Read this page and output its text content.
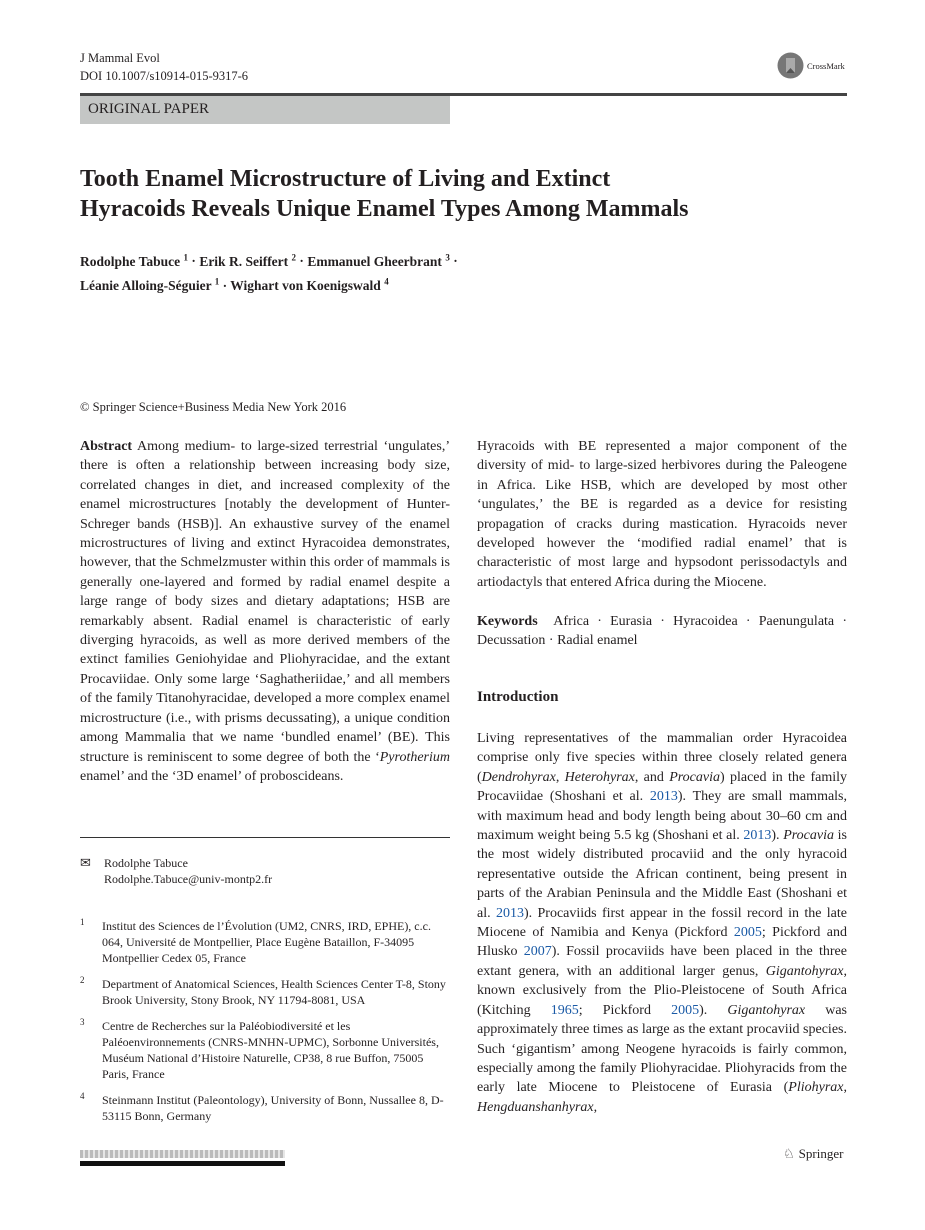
J Mammal Evol
DOI 10.1007/s10914-015-9317-6
CrossMark
ORIGINAL PAPER
Tooth Enamel Microstructure of Living and Extinct
Hyracoids Reveals Unique Enamel Types Among Mammals
Rodolphe Tabuce $^1$ · Erik R. Seiffert $^2$ · Emmanuel Gheerbrant $^3$ ·
Léanie Alloing-Séguier $^1$ · Wighart von Koenigswald $^4$
© Springer Science+Business Media New York 2016

Abstract Among medium- to large-sized terrestrial ‘ungulates,’ there is often a relationship between increasing body size, correlated changes in diet, and increased complexity of the enamel microstructures [notably the development of Hunter-Schreger bands (HSB)]. An exhaustive survey of the enamel microstructures of living and extinct Hyracoidea demonstrates, however, that the Schmelzmuster within this order of mammals is generally one-layered and formed by radial enamel despite a large range of body sizes and dietary adaptations; HSB are remarkably absent. Radial enamel is characteristic of early diverging hyracoids, as well as more derived members of the extinct families Geniohyidae and Pliohyracidae, and the extant Procaviidae. Only some large ‘Saghatheriidae,’ and all members of the family Titanohyracidae, developed a more complex enamel microstructure (i.e., with prisms decussating), a unique condition among Mammalia that we name ‘bundled enamel’ (BE). This structure is reminiscent to some degree of both the ‘Pyrotherium enamel’ and the ‘3D enamel’ of proboscideans.

✉ Rodolphe Tabuce
Rodolphe.Tabuce@univ-montp2.fr
1 Institut des Sciences de l’Évolution (UM2, CNRS, IRD, EPHE), c.c. 064, Université de Montpellier, Place Eugène Bataillon, F-34095 Montpellier Cedex 05, France
2 Department of Anatomical Sciences, Health Sciences Center T-8, Stony Brook University, Stony Brook, NY 11794-8081, USA
3 Centre de Recherches sur la Paléobiodiversité et les Paléoenvironnements (CNRS-MNHN-UPMC), Sorbonne Universités, Muséum National d’Histoire Naturelle, CP38, 8 rue Buffon, 75005 Paris, France
4 Steinmann Institut (Paleontology), University of Bonn, Nussallee 8, D-53115 Bonn, Germany
Hyracoids with BE represented a major component of the diversity of mid- to large-sized herbivores during the Paleogene in Africa. Like HSB, which are developed by most other ‘ungulates,’ the BE is regarded as a device for resisting propagation of cracks during mastication. Hyracoids never developed however the ‘modified radial enamel’ that is characteristic of most large and hypsodont perissodactyls and artiodactyls that entered Africa during the Miocene.
Keywords Africa · Eurasia · Hyracoidea · Paenungulata · Decussation · Radial enamel
Introduction

Living representatives of the mammalian order Hyracoidea comprise only five species within three closely related genera (Dendrohyrax, Heterohyrax, and Procavia) placed in the family Procaviidae (Shoshani et al. 2013). They are small mammals, with maximum head and body length being about 30–60 cm and maximum weight being 5.5 kg (Shoshani et al. 2013). Procavia is the most widely distributed procaviid and the only hyracoid representative outside the African continent, being present in parts of the Arabian Peninsula and the Middle East (Shoshani et al. 2013). Procaviids first appear in the fossil record in the late Miocene of Namibia and Kenya (Pickford 2005; Pickford and Hlusko 2007). Fossil procaviids have been placed in the three extant genera, with an additional larger genus, Gigantohyrax, known exclusively from the Plio-Pleistocene of South Africa (Kitching 1965; Pickford 2005). Gigantohyrax was approximately three times as large as the extant procaviid species. Such ‘gigantism’ among Neogene hyracoids is fairly common, especially among the family Pliohyracidae. Pliohyracids from the early late Miocene to Pleistocene of Eurasia (Pliohyrax, Hengduanshanhyrax,

♘ Springer
